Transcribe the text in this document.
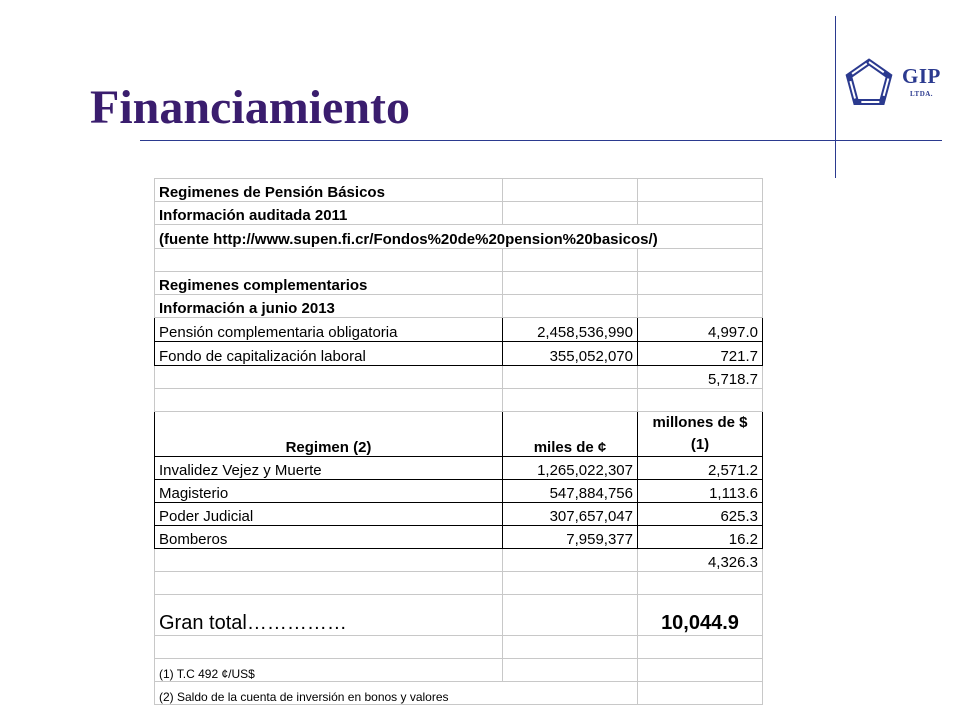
GIP
LTDA.
Financiamiento
Regimenes de Pensión Básicos		
Información auditada 2011		
(fuente http://www.supen.fi.cr/Fondos%20de%20pension%20basicos/)		

Regimenes complementarios		
Información a junio 2013		
Pensión complementaria obligatoria	2,458,536,990	4,997.0
Fondo de capitalización laboral	355,052,070	721.7
		5,718.7

Regimen (2)	miles de ¢	millones de $
(1)

Invalidez Vejez y Muerte	1,265,022,307	2,571.2
Magisterio	547,884,756	1,113.6
Poder Judicial	307,657,047	625.3
Bomberos	7,959,377	16.2
		4,326.3

Gran total……………		10,044.9

(1) T.C 492 ¢/US$		
(2) Saldo de la cuenta de inversión en bonos y valores		
